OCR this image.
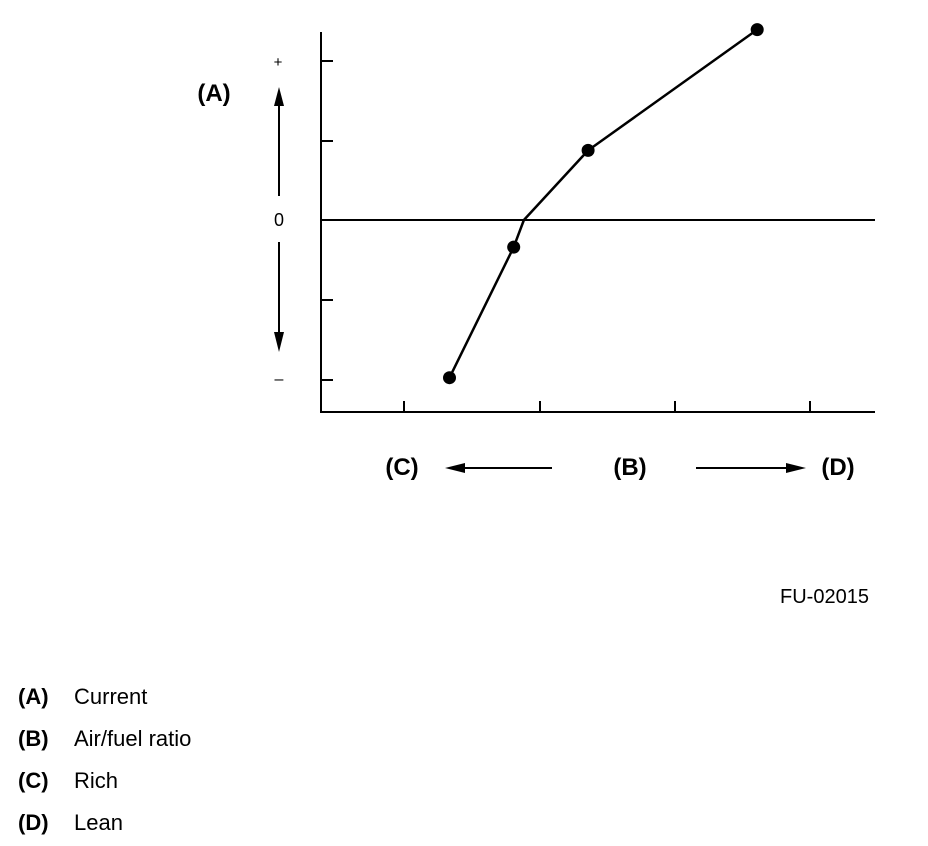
(A)
+
0
–
(C)	(B)	(D)
FU-02015
(A)	Current
(B)	Air/fuel ratio
(C)	Rich
(D)	Lean
